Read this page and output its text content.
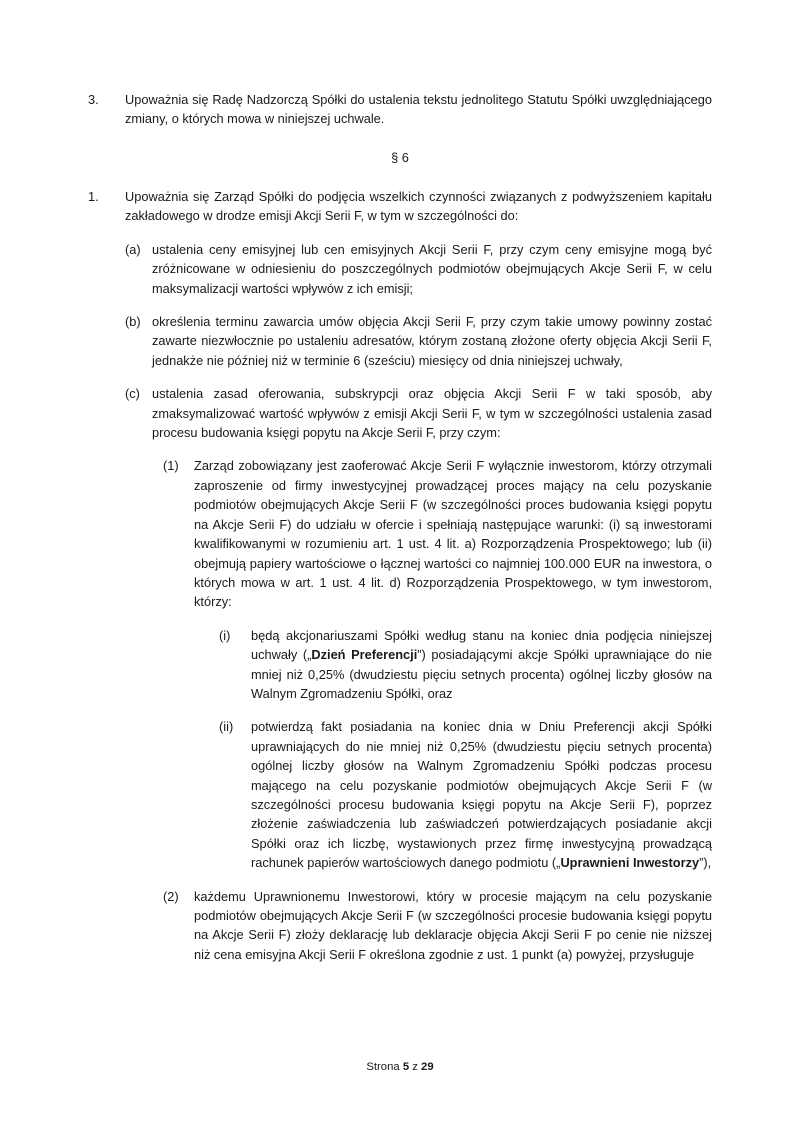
3.	Upoważnia się Radę Nadzorczą Spółki do ustalenia tekstu jednolitego Statutu Spółki uwzględniającego zmiany, o których mowa w niniejszej uchwale.
§ 6
1.	Upoważnia się Zarząd Spółki do podjęcia wszelkich czynności związanych z podwyższeniem kapitału zakładowego w drodze emisji Akcji Serii F, w tym w szczególności do:
(a) ustalenia ceny emisyjnej lub cen emisyjnych Akcji Serii F, przy czym ceny emisyjne mogą być zróżnicowane w odniesieniu do poszczególnych podmiotów obejmujących Akcje Serii F, w celu maksymalizacji wartości wpływów z ich emisji;
(b) określenia terminu zawarcia umów objęcia Akcji Serii F, przy czym takie umowy powinny zostać zawarte niezwłocznie po ustaleniu adresatów, którym zostaną złożone oferty objęcia Akcji Serii F, jednakże nie później niż w terminie 6 (sześciu) miesięcy od dnia niniejszej uchwały,
(c) ustalenia zasad oferowania, subskrypcji oraz objęcia Akcji Serii F w taki sposób, aby zmaksymalizować wartość wpływów z emisji Akcji Serii F, w tym w szczególności ustalenia zasad procesu budowania księgi popytu na Akcje Serii F, przy czym:
(1)	Zarząd zobowiązany jest zaoferować Akcje Serii F wyłącznie inwestorom, którzy otrzymali zaproszenie od firmy inwestycyjnej prowadzącej proces mający na celu pozyskanie podmiotów obejmujących Akcje Serii F (w szczególności proces budowania księgi popytu na Akcje Serii F) do udziału w ofercie i spełniają następujące warunki: (i) są inwestorami kwalifikowanymi w rozumieniu art. 1 ust. 4 lit. a) Rozporządzenia Prospektowego; lub (ii) obejmują papiery wartościowe o łącznej wartości co najmniej 100.000 EUR na inwestora, o których mowa w art. 1 ust. 4 lit. d) Rozporządzenia Prospektowego, w tym inwestorom, którzy:
(i)	będą akcjonariuszami Spółki według stanu na koniec dnia podjęcia niniejszej uchwały („Dzień Preferencji”) posiadającymi akcje Spółki uprawniające do nie mniej niż 0,25% (dwudziestu pięciu setnych procenta) ogólnej liczby głosów na Walnym Zgromadzeniu Spółki, oraz
(ii)	potwierdzą fakt posiadania na koniec dnia w Dniu Preferencji akcji Spółki uprawniających do nie mniej niż 0,25% (dwudziestu pięciu setnych procenta) ogólnej liczby głosów na Walnym Zgromadzeniu Spółki podczas procesu mającego na celu pozyskanie podmiotów obejmujących Akcje Serii F (w szczególności procesu budowania księgi popytu na Akcje Serii F), poprzez złożenie zaświadczenia lub zaświadczeń potwierdzających posiadanie akcji Spółki oraz ich liczbę, wystawionych przez firmę inwestycyjną prowadzącą rachunek papierów wartościowych danego podmiotu („Uprawnieni Inwestorzy”),
(2)	każdemu Uprawnionemu Inwestorowi, który w procesie mającym na celu pozyskanie podmiotów obejmujących Akcje Serii F (w szczególności procesie budowania księgi popytu na Akcje Serii F) złoży deklarację lub deklaracje objęcia Akcji Serii F po cenie nie niższej niż cena emisyjna Akcji Serii F określona zgodnie z ust. 1 punkt (a) powyżej, przysługuje
Strona 5 z 29
